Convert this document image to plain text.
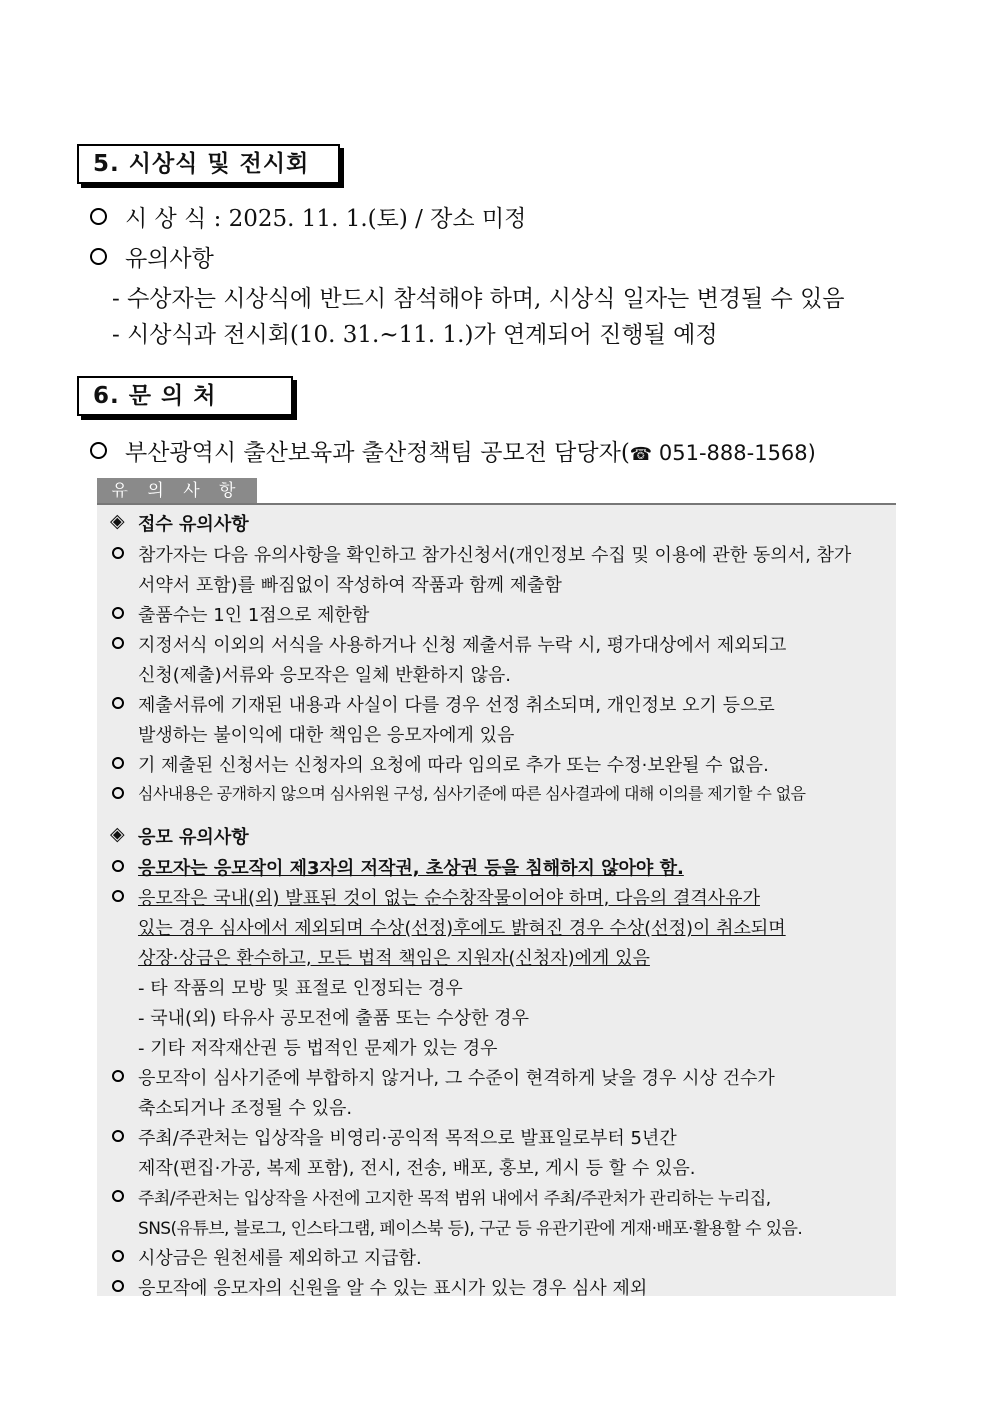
5. 시상식 및 전시회
시 상 식 : 2025. 11. 1.(토) / 장소 미정
유의사항
- 수상자는 시상식에 반드시 참석해야 하며, 시상식 일자는 변경될 수 있음
- 시상식과 전시회(10. 31.~11. 1.)가 연계되어 진행될 예정
6. 문 의 처
부산광역시 출산보육과 출산정책팀 공모전 담당자(☎ 051-888-1568)
유 의 사 항
◈ 접수 유의사항
참가자는 다음 유의사항을 확인하고 참가신청서(개인정보 수집 및 이용에 관한 동의서, 참가
서약서 포함)를 빠짐없이 작성하여 작품과 함께 제출함
출품수는 1인 1점으로 제한함
지정서식 이외의 서식을 사용하거나 신청 제출서류 누락 시, 평가대상에서 제외되고
신청(제출)서류와 응모작은 일체 반환하지 않음.
제출서류에 기재된 내용과 사실이 다를 경우 선정 취소되며, 개인정보 오기 등으로
발생하는 불이익에 대한 책임은 응모자에게 있음
기 제출된 신청서는 신청자의 요청에 따라 임의로 추가 또는 수정·보완될 수 없음.
심사내용은 공개하지 않으며 심사위원 구성, 심사기준에 따른 심사결과에 대해 이의를 제기할 수 없음
◈ 응모 유의사항
응모자는 응모작이 제3자의 저작권, 초상권 등을 침해하지 않아야 함.
응모작은 국내(외) 발표된 것이 없는 순수창작물이어야 하며, 다음의 결격사유가
있는 경우 심사에서 제외되며 수상(선정)후에도 밝혀진 경우 수상(선정)이 취소되며
상장·상금은 환수하고, 모든 법적 책임은 지원자(신청자)에게 있음
- 타 작품의 모방 및 표절로 인정되는 경우
- 국내(외) 타유사 공모전에 출품 또는 수상한 경우
- 기타 저작재산권 등 법적인 문제가 있는 경우
응모작이 심사기준에 부합하지 않거나, 그 수준이 현격하게 낮을 경우 시상 건수가
축소되거나 조정될 수 있음.
주최/주관처는 입상작을 비영리·공익적 목적으로 발표일로부터 5년간
제작(편집·가공, 복제 포함), 전시, 전송, 배포, 홍보, 게시 등 할 수 있음.
주최/주관처는 입상작을 사전에 고지한 목적 범위 내에서 주최/주관처가 관리하는 누리집,
SNS(유튜브, 블로그, 인스타그램, 페이스북 등), 구군 등 유관기관에 게재·배포·활용할 수 있음.
시상금은 원천세를 제외하고 지급함.
응모작에 응모자의 신원을 알 수 있는 표시가 있는 경우 심사 제외
